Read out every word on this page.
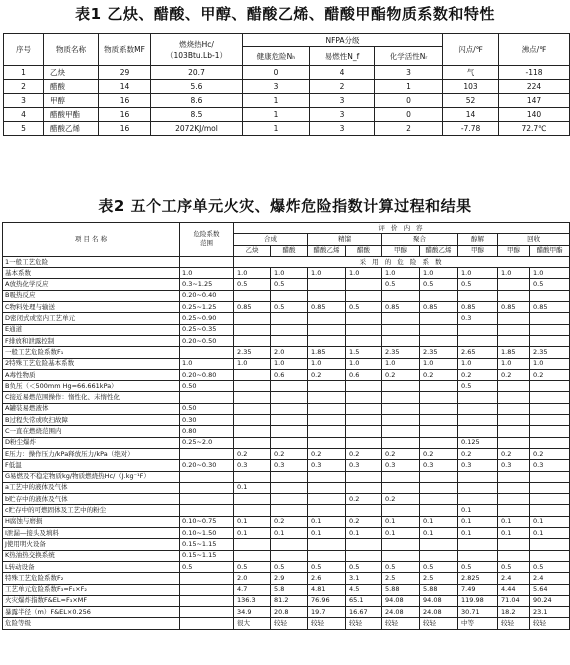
表1 乙炔、醋酸、甲醇、醋酸乙烯、醋酸甲酯物质系数和特性
序号	物质名称	物质系数MF	燃烧热Hc/
（103Btu.Lb-1）	NFPA分级			闪点/℉	沸点/℉
				健康危险Nₕ	易燃性N_f	化学活性Nᵣ		
1	乙炔	29	20.7	0	4	3	气	-118
2	醋酸	14	5.6	3	2	1	103	224
3	甲醇	16	8.6	1	3	0	52	147
4	醋酸甲酯	16	8.5	1	3	0	14	140
5	醋酸乙烯	16	2072KJ/mol	1	3	2	-7.78	72.7℃
表2 五个工序单元火灾、爆炸危险指数计算过程和结果
项 目 名 称	危险系数
范围	评 价 内 容								
		合成		精馏		聚合		醇解	回收	
		乙炔	醋酸	醋酸乙烯	醋酸	甲醇	醋酸乙烯	甲醇	甲醇	醋酸甲酯
1一般工艺危险		采 用 的 危 险 系 数								
基本系数	1.0	1.0	1.0	1.0	1.0	1.0	1.0	1.0	1.0	1.0
A放热化学反应	0.3~1.25	0.5	0.5			0.5	0.5	0.5		0.5
B吸热反应	0.20~0.40									
C物料处理与输送	0.25~1.25	0.85	0.5	0.85	0.5	0.85	0.85	0.85	0.85	0.85
D密闭式或室内工艺单元	0.25~0.90							0.3		
E通道	0.25~0.35									
F排放和泄露控制	0.20~0.50									
一般工艺危险系数F₁		2.35	2.0	1.85	1.5	2.35	2.35	2.65	1.85	2.35
2特殊工艺危险基本系数	1.0	1.0	1.0	1.0	1.0	1.0	1.0	1.0	1.0	1.0
A毒性物质	0.20~0.80		0.6	0.2	0.6	0.2	0.2	0.2	0.2	0.2
B负压（＜500mm Hg=66.661kPa）	0.50							0.5		
C接近易燃范围操作：惰性化、未惰性化										
A罐装易燃液体	0.50									
B过程失常或吹扫故障	0.30									
C一直在燃烧范围内	0.80									
D粉尘爆炸	0.25~2.0							0.125		
E压力：操作压力/kPa释放压力/kPa（绝对）		0.2	0.2	0.2	0.2	0.2	0.2	0.2	0.2	0.2
F低温	0.20~0.30	0.3	0.3	0.3	0.3	0.3	0.3	0.3	0.3	0.3
G易燃及不稳定物质kg/物质燃烧热Hc/（J.kg⁻¹F）										
a工艺中的液体及气体		0.1								
b贮存中的液体及气体					0.2	0.2				
c贮存中的可燃固体及工艺中的粉尘								0.1		
H腐蚀与磨损	0.10~0.75	0.1	0.2	0.1	0.2	0.1	0.1	0.1	0.1	0.1
I泄漏—接头及填料	0.10~1.50	0.1	0.1	0.1	0.1	0.1	0.1	0.1	0.1	0.1
J使用明火设备	0.15~1.15									
K热油热交换系统	0.15~1.15									
L转动设备	0.5	0.5	0.5	0.5	0.5	0.5	0.5	0.5	0.5	0.5
特殊工艺危险系数F₂		2.0	2.9	2.6	3.1	2.5	2.5	2.825	2.4	2.4
工艺单元危险系数F₃=F₁×F₂		4.7	5.8	4.81	4.5	5.88	5.88	7.49	4.44	5.64
火灾爆炸指数F&EL=F₃×MF		136.3	81.2	76.96	65.1	94.08	94.08	119.98	71.04	90.24
暴露半径（m）F&EL×0.256		34.9	20.8	19.7	16.67	24.08	24.08	30.71	18.2	23.1
危险等级		很大	较轻	较轻	较轻	较轻	较轻	中等	较轻	较轻
